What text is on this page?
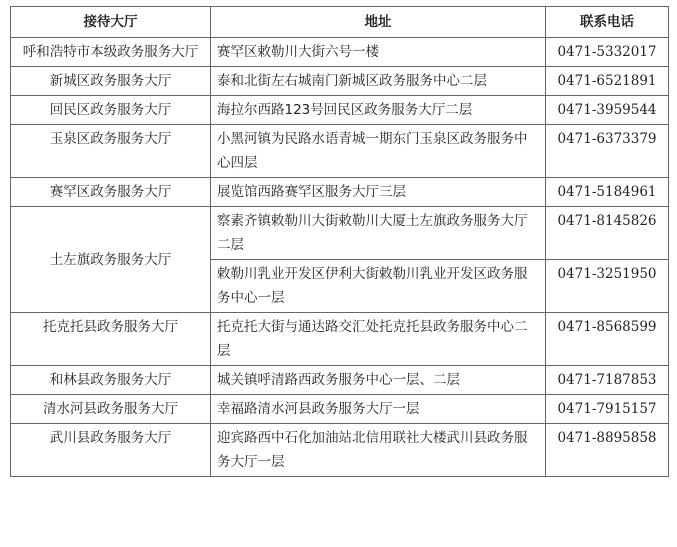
接待大厅	地址	联系电话
呼和浩特市本级政务服务大厅	赛罕区敕勒川大街六号一楼	0471-5332017
新城区政务服务大厅	泰和北街左右城南门新城区政务服务中心二层	0471-6521891
回民区政务服务大厅	海拉尔西路123号回民区政务服务大厅二层	0471-3959544
玉泉区政务服务大厅	小黑河镇为民路水语青城一期东门玉泉区政务服务中心四层	0471-6373379
赛罕区政务服务大厅	展览馆西路赛罕区服务大厅三层	0471-5184961
土左旗政务服务大厅	察素齐镇敕勒川大街敕勒川大厦土左旗政务服务大厅二层	0471-8145826
	敕勒川乳业开发区伊利大街敕勒川乳业开发区政务服务中心一层	0471-3251950
托克托县政务服务大厅	托克托大街与通达路交汇处托克托县政务服务中心二层	0471-8568599
和林县政务服务大厅	城关镇呼清路西政务服务中心一层、二层	0471-7187853
清水河县政务服务大厅	幸福路清水河县政务服务大厅一层	0471-7915157
武川县政务服务大厅	迎宾路西中石化加油站北信用联社大楼武川县政务服务大厅一层	0471-8895858
